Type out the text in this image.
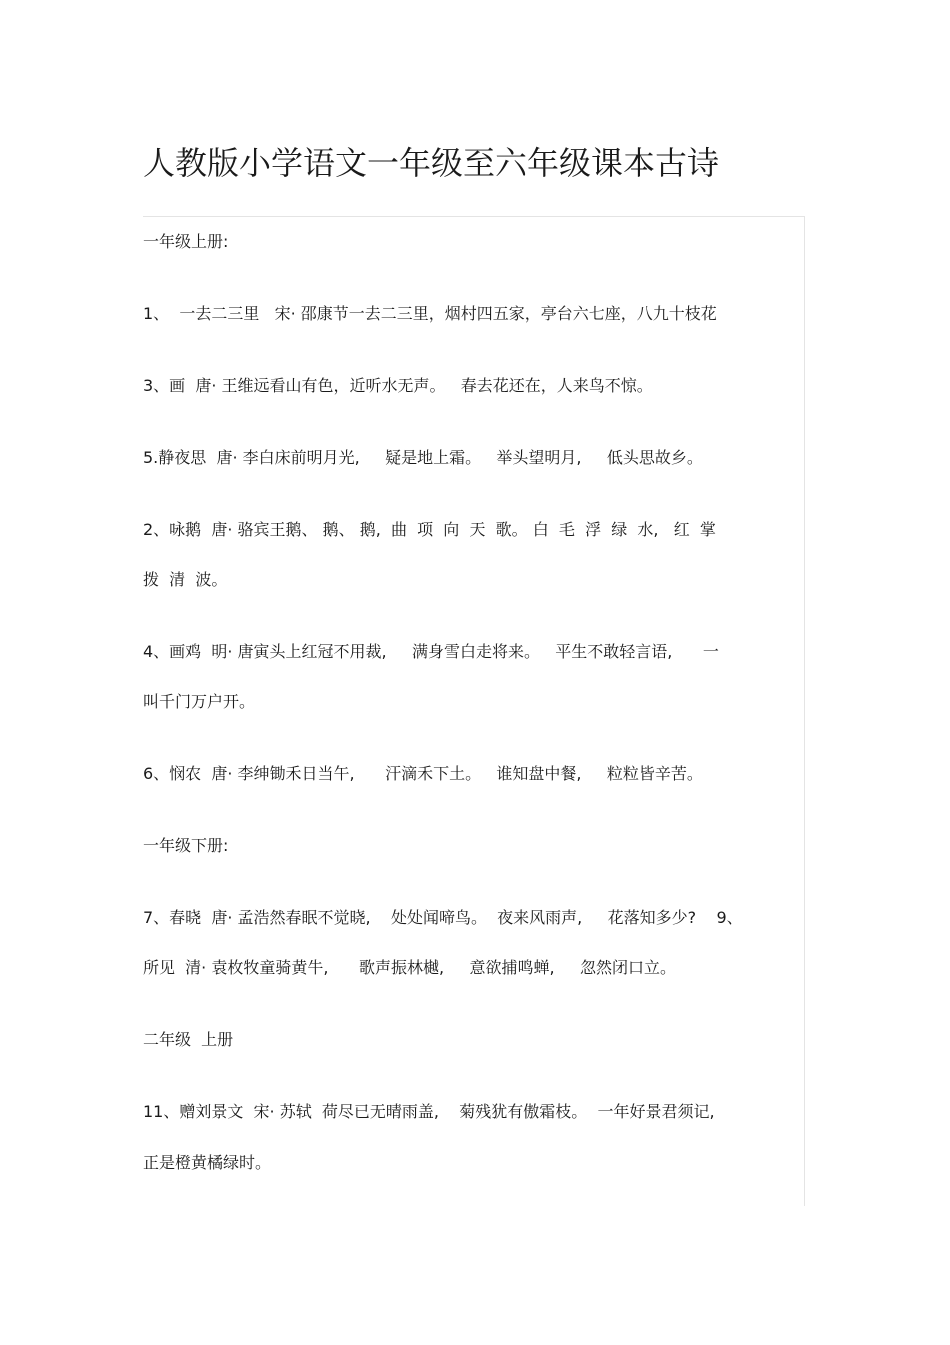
人教版小学语文一年级至六年级课本古诗
一年级上册:
1、  一去二三里   宋· 邵康节一去二三里，烟村四五家，亭台六七座，八九十枝花
3、画  唐· 王维远看山有色，近听水无声。   春去花还在，人来鸟不惊。
5.静夜思  唐· 李白床前明月光,     疑是地上霜。   举头望明月,     低头思故乡。
2、咏鹅  唐· 骆宾王鹅、 鹅、 鹅,  曲  项  向  天  歌。 白  毛  浮  绿  水,   红  掌
拨  清  波。
4、画鸡  明· 唐寅头上红冠不用裁,     满身雪白走将来。   平生不敢轻言语,      一
叫千门万户开。
6、悯农  唐· 李绅锄禾日当午,      汗滴禾下土。   谁知盘中餐,     粒粒皆辛苦。
一年级下册:
7、春晓  唐· 孟浩然春眠不觉晓,    处处闻啼鸟。  夜来风雨声,     花落知多少?    9、
所见  清· 袁枚牧童骑黄牛,      歌声振林樾,     意欲捕鸣蝉,     忽然闭口立。
二年级  上册
11、赠刘景文  宋· 苏轼  荷尽已无晴雨盖,    菊残犹有傲霜枝。  一年好景君须记,
正是橙黄橘绿时。
